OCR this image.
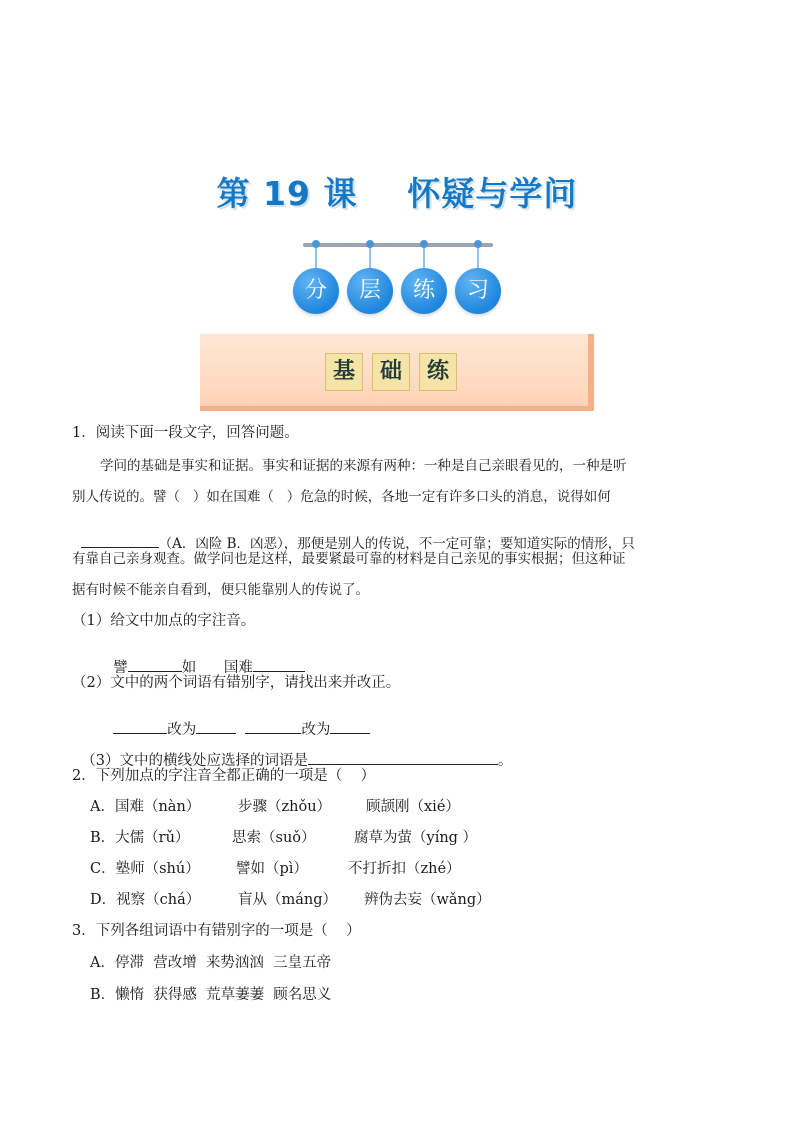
第 19 课    怀疑与学问
分	层	练	习
基	础	练
1．阅读下面一段文字，回答问题。
学问的基础是事实和证据。事实和证据的来源有两种：一种是自己亲眼看见的，一种是听
别人传说的。譬（   ）如在国难（   ）危急的时候，各地一定有许多口头的消息，说得如何

（A．凶险 B．凶恶），那便是别人的传说，不一定可靠；要知道实际的情形，只

有靠自己亲身观查。做学问也是这样，最要紧最可靠的材料是自己亲见的事实根据；但这种证
据有时候不能亲自看到，便只能靠别人的传说了。
（1）给文中加点的字注音。

譬	如 国难

（2）文中的两个词语有错别字，请找出来并改正。

改为	改为

（3）文中的横线处应选择的词语是	。

2．下列加点的字注音全都正确的一项是（    ）
A．国难（nàn）	步骤（zhǒu） 顾颉刚（xié）
B．大儒（rǔ）	思索（suǒ）	腐草为萤（yíng ）
C．塾师（shú）	譬如（pì）	不打折扣（zhé）
D．视察（chá）	盲从（máng） 辨伪去妄（wǎng）
3．下列各组词语中有错别字的一项是（    ）
A．停滞  营改增  来势汹汹  三皇五帝
B．懒惰  获得感  荒草萋萋  顾名思义
